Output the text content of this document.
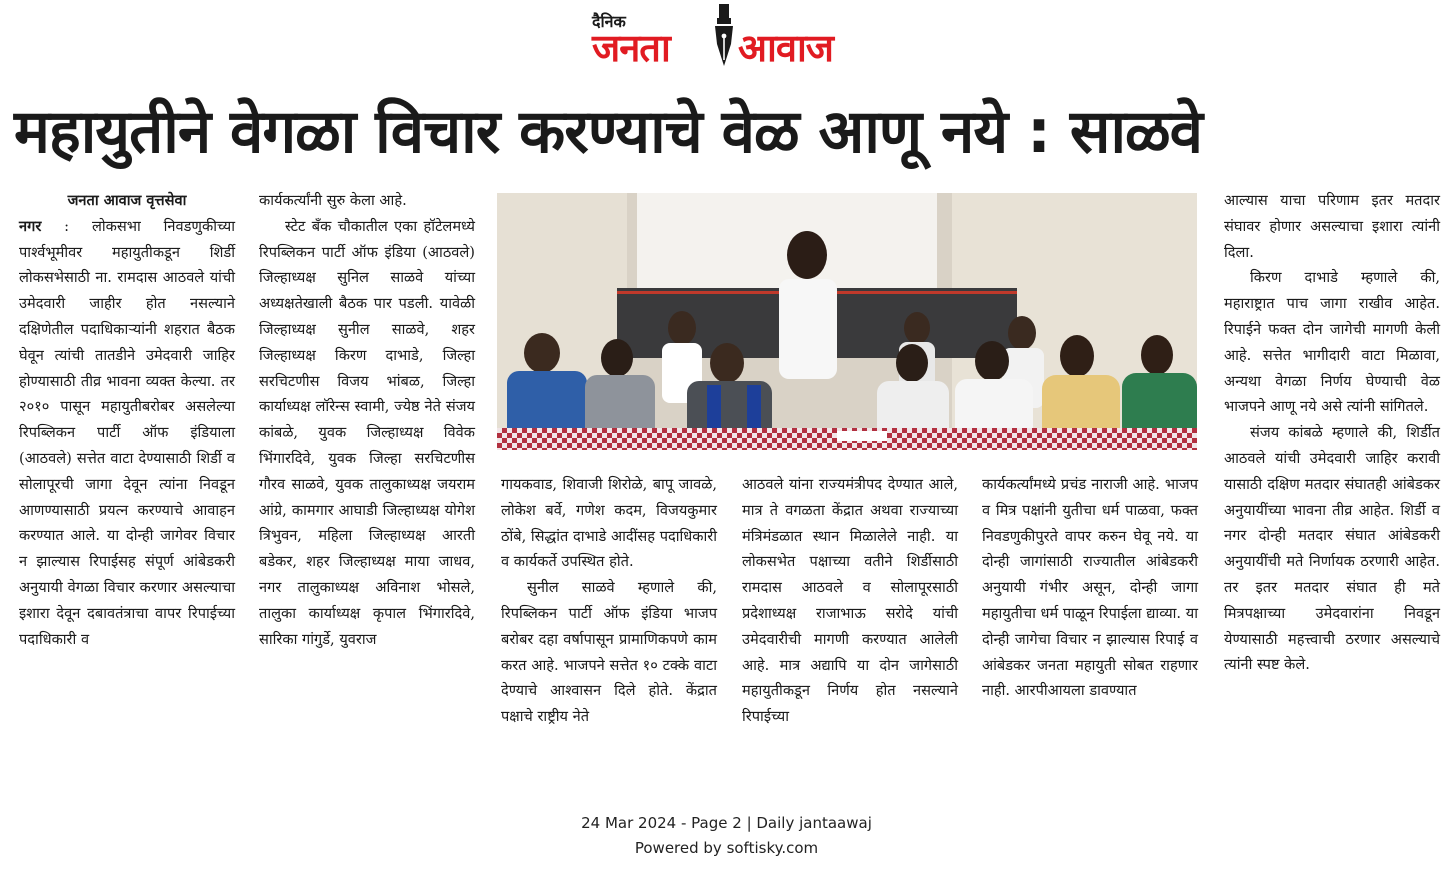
दैनिक
जनता आवाज
महायुतीने वेगळा विचार करण्याचे वेळ आणू नये : साळवे

जनता आवाज वृत्तसेवा

नगर : लोकसभा निवडणुकीच्या पार्श्वभूमीवर महायुतीकडून शिर्डी लोकसभेसाठी ना. रामदास आठवले यांची उमेदवारी जाहीर होत नसल्याने दक्षिणेतील पदाधिकाऱ्यांनी शहरात बैठक घेवून त्यांची तातडीने उमेदवारी जाहिर होण्यासाठी तीव्र भावना व्यक्त केल्या. तर २०१० पासून महायुतीबरोबर असलेल्या रिपब्लिकन पार्टी ऑफ इंडियाला (आठवले) सत्तेत वाटा देण्यासाठी शिर्डी व सोलापूरची जागा देवून त्यांना निवडून आणण्यासाठी प्रयत्न करण्याचे आवाहन करण्यात आले. या दोन्ही जागेवर विचार न झाल्यास रिपाईसह संपूर्ण आंबेडकरी अनुयायी वेगळा विचार करणार असल्याचा इशारा देवून दबावतंत्राचा वापर रिपाईच्या पदाधिकारी व

कार्यकर्त्यांनी सुरु केला आहे.

स्टेट बँक चौकातील एका हॉटेलमध्ये रिपब्लिकन पार्टी ऑफ इंडिया (आठवले) जिल्हाध्यक्ष सुनिल साळवे यांच्या अध्यक्षतेखाली बैठक पार पडली. यावेळी जिल्हाध्यक्ष सुनील साळवे, शहर जिल्हाध्यक्ष किरण दाभाडे, जिल्हा सरचिटणीस विजय भांबळ, जिल्हा कार्याध्यक्ष लॉरेन्स स्वामी, ज्येष्ठ नेते संजय कांबळे, युवक जिल्हाध्यक्ष विवेक भिंगारदिवे, युवक जिल्हा सरचिटणीस गौरव साळवे, युवक तालुकाध्यक्ष जयराम आंग्रे, कामगार आघाडी जिल्हाध्यक्ष योगेश त्रिभुवन, महिला जिल्हाध्यक्ष आरती बडेकर, शहर जिल्हाध्यक्ष माया जाधव, नगर तालुकाध्यक्ष अविनाश भोसले, तालुका कार्याध्यक्ष कृपाल भिंगारदिवे, सारिका गांगुर्डे, युवराज

गायकवाड, शिवाजी शिरोळे, बापू जावळे, लोकेश बर्वे, गणेश कदम, विजयकुमार ठोंबे, सिद्धांत दाभाडे आदींसह पदाधिकारी व कार्यकर्ते उपस्थित होते.

सुनील साळवे म्हणाले की, रिपब्लिकन पार्टी ऑफ इंडिया भाजप बरोबर दहा वर्षापासून प्रामाणिकपणे काम करत आहे. भाजपने सत्तेत १० टक्के वाटा देण्याचे आश्वासन दिले होते. केंद्रात पक्षाचे राष्ट्रीय नेते

आठवले यांना राज्यमंत्रीपद देण्यात आले, मात्र ते वगळता केंद्रात अथवा राज्याच्या मंत्रिमंडळात स्थान मिळालेले नाही. या लोकसभेत पक्षाच्या वतीने शिर्डीसाठी रामदास आठवले व सोलापूरसाठी प्रदेशाध्यक्ष राजाभाऊ सरोदे यांची उमेदवारीची मागणी करण्यात आलेली आहे. मात्र अद्यापि या दोन जागेसाठी महायुतीकडून निर्णय होत नसल्याने रिपाईच्या

कार्यकर्त्यांमध्ये प्रचंड नाराजी आहे. भाजप व मित्र पक्षांनी युतीचा धर्म पाळवा, फक्त निवडणुकीपुरते वापर करुन घेवू नये. या दोन्ही जागांसाठी राज्यातील आंबेडकरी अनुयायी गंभीर असून, दोन्ही जागा महायुतीचा धर्म पाळून रिपाईला द्याव्या. या दोन्ही जागेचा विचार न झाल्यास रिपाई व आंबेडकर जनता महायुती सोबत राहणार नाही. आरपीआयला डावण्यात

आल्यास याचा परिणाम इतर मतदार संघावर होणार असल्याचा इशारा त्यांनी दिला.

किरण दाभाडे म्हणाले की, महाराष्ट्रात पाच जागा राखीव आहेत. रिपाईने फक्त दोन जागेची मागणी केली आहे. सत्तेत भागीदारी वाटा मिळावा, अन्यथा वेगळा निर्णय घेण्याची वेळ भाजपने आणू नये असे त्यांनी सांगितले.

संजय कांबळे म्हणाले की, शिर्डीत आठवले यांची उमेदवारी जाहिर करावी यासाठी दक्षिण मतदार संघातही आंबेडकर अनुयायींच्या भावना तीव्र आहेत. शिर्डी व नगर दोन्ही मतदार संघात आंबेडकरी अनुयायींची मते निर्णायक ठरणारी आहेत. तर इतर मतदार संघात ही मते मित्रपक्षाच्या उमेदवारांना निवडून येण्यासाठी महत्त्वाची ठरणार असल्याचे त्यांनी स्पष्ट केले.

24 Mar 2024 - Page 2 | Daily jantaawaj
Powered by softisky.com
